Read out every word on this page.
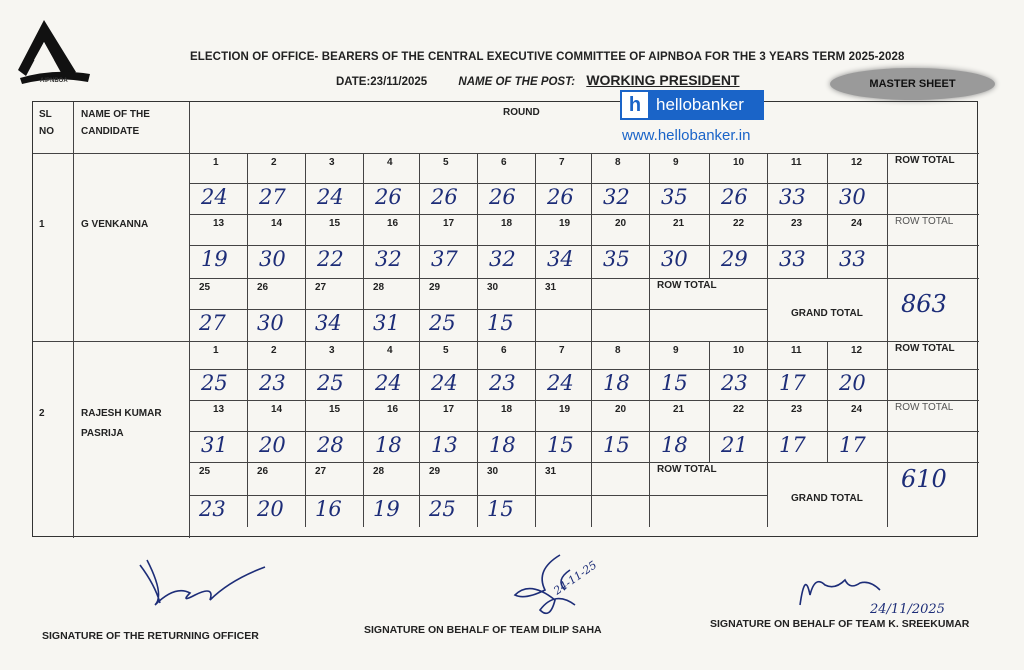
AIPNBOA
ELECTION OF OFFICE- BEARERS OF THE CENTRAL EXECUTIVE COMMITTEE OF AIPNBOA FOR THE 3 YEARS TERM 2025-2028
DATE:23/11/2025	NAME OF THE POST: WORKING PRESIDENT	MASTER SHEET
SL
NO
NAME OF THE
CANDIDATE
ROUND
1	G VENKANNA
1	2	3	4	5	6	7	8	9	10	11	12	ROW TOTAL
24 27 24 26 26 26 26 32 35 26 33 30
13	14	15	16	17	18	19	20	21	22	23	24	ROW TOTAL
19 30 22 32 37 32 34 35 30 29 33 33
25	26	27	28	29	30	31	ROW TOTAL
27 30 34 31 25 15	GRAND TOTAL 863
2	RAJESH KUMAR
PASRIJA
1	2	3	4	5	6	7	8	9	10	11	12	ROW TOTAL
25 23 25 24 24 23 24 18 15 23 17 20
13	14	15	16	17	18	19	20	21	22	23	24	ROW TOTAL
31 20 28 18 13 18 15 15 18 21 17 17
25	26	27	28	29	30	31	ROW TOTAL
23 20 16 19 25 15	GRAND TOTAL
610
h hellobanker
www.hellobanker.in
SIGNATURE OF THE RETURNING OFFICER
24-11-25
SIGNATURE ON BEHALF OF TEAM DILIP SAHA
24/11/2025
SIGNATURE ON BEHALF OF TEAM K. SREEKUMAR
